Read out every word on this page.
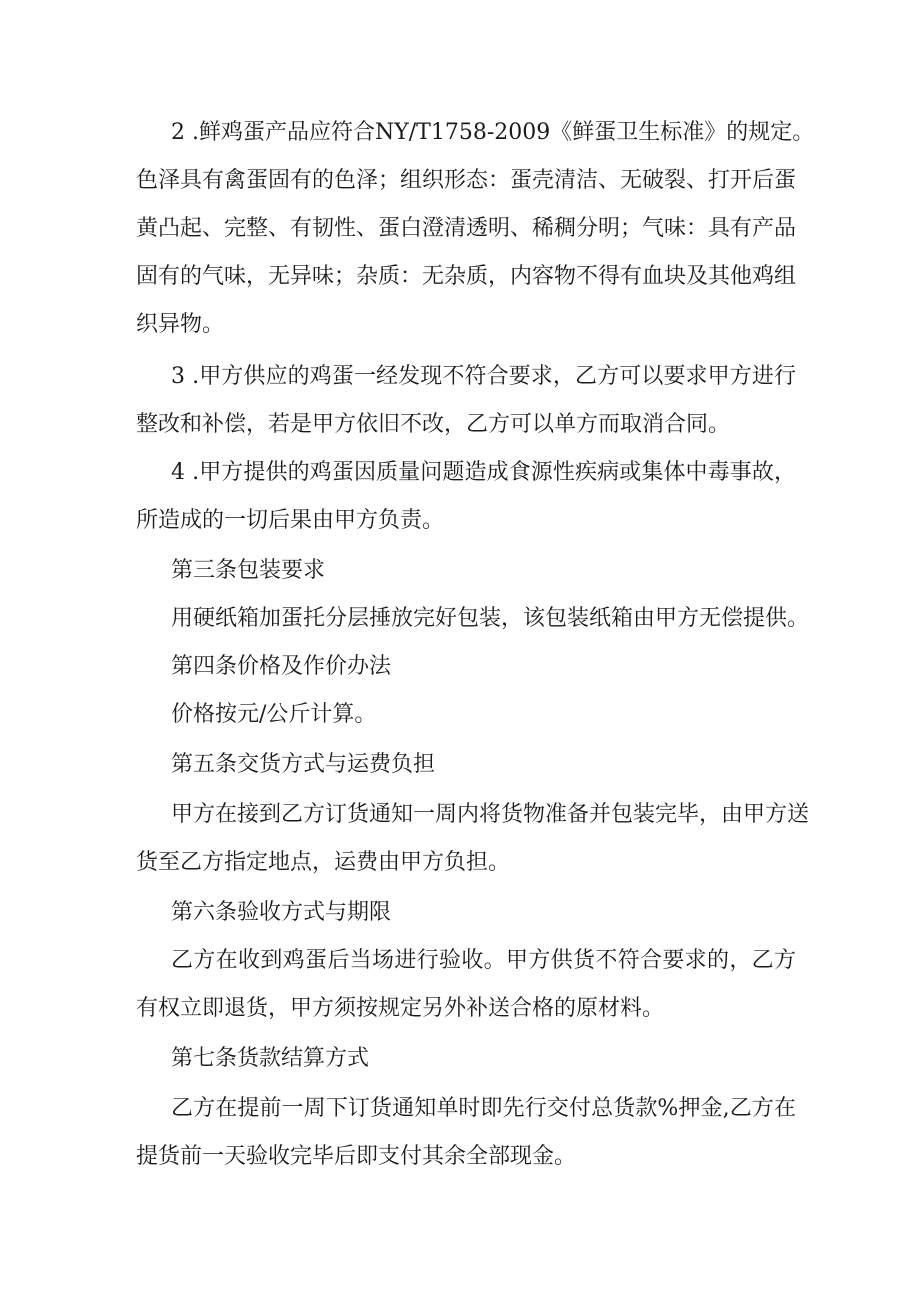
2 .鲜鸡蛋产品应符合NY/T1758-2009《鲜蛋卫生标准》的规定。
色泽具有禽蛋固有的色泽；组织形态：蛋壳清洁、无破裂、打开后蛋
黄凸起、完整、有韧性、蛋白澄清透明、稀稠分明；气味：具有产品
固有的气味，无异味；杂质：无杂质，内容物不得有血块及其他鸡组
织异物。
3 .甲方供应的鸡蛋一经发现不符合要求，乙方可以要求甲方进行
整改和补偿，若是甲方依旧不改，乙方可以单方而取消合同。
4 .甲方提供的鸡蛋因质量问题造成食源性疾病或集体中毒事故，
所造成的一切后果由甲方负责。
第三条包装要求
用硬纸箱加蛋托分层捶放完好包装，该包装纸箱由甲方无偿提供。
第四条价格及作价办法
价格按元/公斤计算。
第五条交货方式与运费负担
甲方在接到乙方订货通知一周内将货物准备并包装完毕，由甲方送
货至乙方指定地点，运费由甲方负担。
第六条验收方式与期限
乙方在收到鸡蛋后当场进行验收。甲方供货不符合要求的，乙方
有权立即退货，甲方须按规定另外补送合格的原材料。
第七条货款结算方式
乙方在提前一周下订货通知单时即先行交付总货款%押金,乙方在
提货前一天验收完毕后即支付其余全部现金。
